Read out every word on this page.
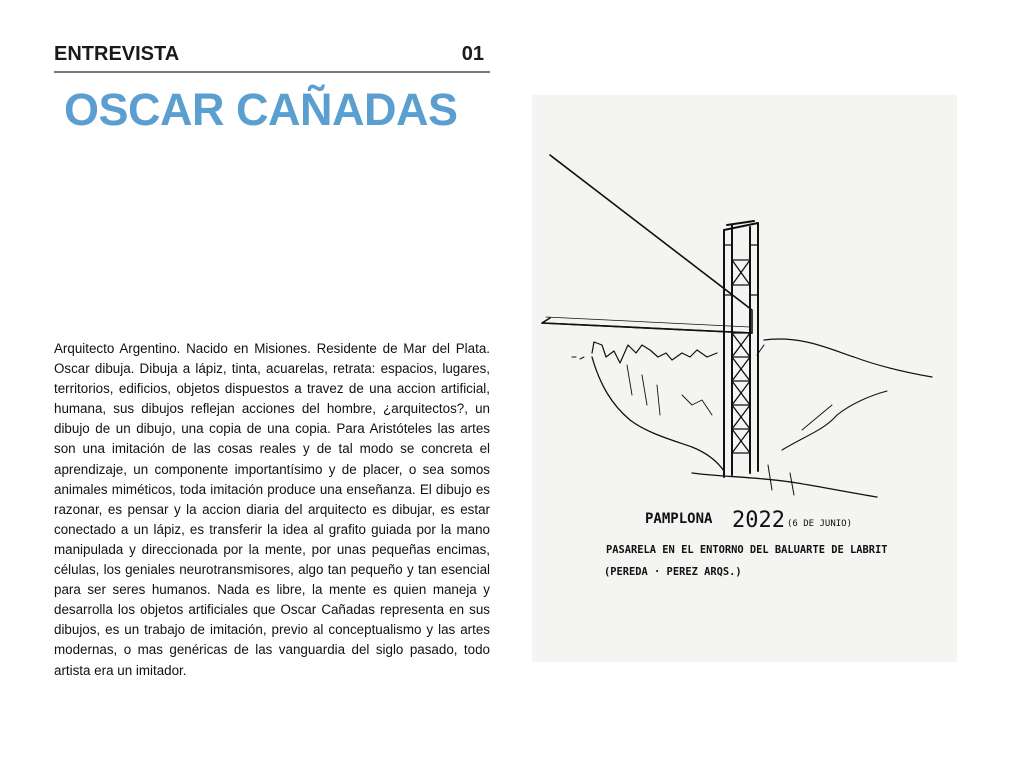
ENTREVISTA	01
OSCAR CAÑADAS
Arquitecto Argentino. Nacido en Misiones. Residente de Mar del Plata. Oscar dibuja. Dibuja a lápiz, tinta, acuarelas, retrata: espacios, lugares, territorios, edificios, objetos dispuestos a travez de una accion artificial, humana, sus dibujos reflejan acciones del hombre, ¿arquitectos?, un dibujo de un dibujo, una copia de una copia. Para Aristóteles las artes son una imitación de las cosas reales y de tal modo se concreta el aprendizaje, un componente importantísimo y de placer, o sea somos animales miméticos, toda imitación produce una enseñanza. El dibujo es razonar, es pensar y la accion diaria del arquitecto es dibujar, es estar conectado a un lápiz, es transferir la idea al grafito guiada por la mano manipulada y direccionada por la mente, por unas pequeñas encimas, células, los geniales neurotransmisores, algo tan pequeño y tan esencial para ser seres humanos. Nada es libre, la mente es quien maneja y desarrolla los objetos artificiales que Oscar Cañadas representa en sus dibujos, es un trabajo de imitación, previo al conceptualismo y las artes modernas, o mas genéricas de las vanguardia del siglo pasado, todo artista era un imitador.
PAMPLONA 2022 (6 DE JUNIO)
PASARELA EN EL ENTORNO DEL BALUARTE DE LABRIT
(PEREDA · PEREZ ARQS.)
